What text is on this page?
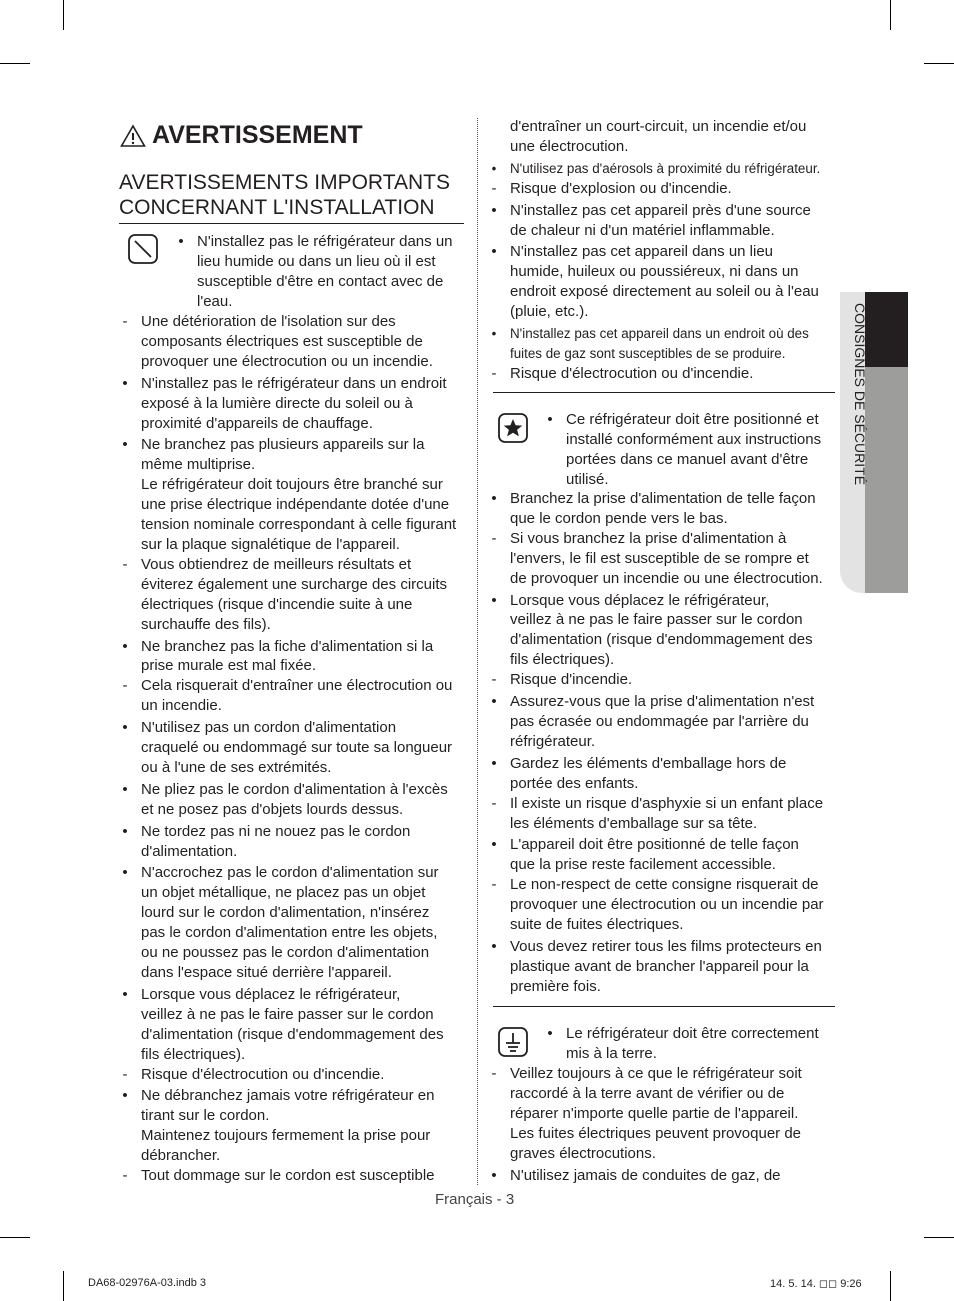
AVERTISSEMENT
AVERTISSEMENTS IMPORTANTS
CONCERNANT L'INSTALLATION
• N'installez pas le réfrigérateur dans un
lieu humide ou dans un lieu où il est
susceptible d'être en contact avec de
l'eau.
- Une détérioration de l'isolation sur des
composants électriques est susceptible de
provoquer une électrocution ou un incendie.
• N'installez pas le réfrigérateur dans un endroit
exposé à la lumière directe du soleil ou à
proximité d'appareils de chauffage.
• Ne branchez pas plusieurs appareils sur la
même multiprise.
Le réfrigérateur doit toujours être branché sur
une prise électrique indépendante dotée d'une
tension nominale correspondant à celle figurant
sur la plaque signalétique de l'appareil.
- Vous obtiendrez de meilleurs résultats et
éviterez également une surcharge des circuits
électriques (risque d'incendie suite à une
surchauffe des fils).
• Ne branchez pas la fiche d'alimentation si la
prise murale est mal fixée.
- Cela risquerait d'entraîner une électrocution ou
un incendie.
• N'utilisez pas un cordon d'alimentation
craquelé ou endommagé sur toute sa longueur
ou à l'une de ses extrémités.
• Ne pliez pas le cordon d'alimentation à l'excès
et ne posez pas d'objets lourds dessus.
• Ne tordez pas ni ne nouez pas le cordon
d'alimentation.
• N'accrochez pas le cordon d'alimentation sur
un objet métallique, ne placez pas un objet
lourd sur le cordon d'alimentation, n'insérez
pas le cordon d'alimentation entre les objets,
ou ne poussez pas le cordon d'alimentation
dans l'espace situé derrière l'appareil.
• Lorsque vous déplacez le réfrigérateur,
veillez à ne pas le faire passer sur le cordon
d'alimentation (risque d'endommagement des
fils électriques).
- Risque d'électrocution ou d'incendie.
• Ne débranchez jamais votre réfrigérateur en
tirant sur le cordon.
Maintenez toujours fermement la prise pour
débrancher.
- Tout dommage sur le cordon est susceptible
d'entraîner un court-circuit, un incendie et/ou
une électrocution.
• N'utilisez pas d'aérosols à proximité du réfrigérateur.
- Risque d'explosion ou d'incendie.
• N'installez pas cet appareil près d'une source
de chaleur ni d'un matériel inflammable.
• N'installez pas cet appareil dans un lieu
humide, huileux ou poussiéreux, ni dans un
endroit exposé directement au soleil ou à l'eau
(pluie, etc.).
• N'installez pas cet appareil dans un endroit où des
fuites de gaz sont susceptibles de se produire.
- Risque d'électrocution ou d'incendie.
• Ce réfrigérateur doit être positionné et
installé conformément aux instructions
portées dans ce manuel avant d'être
utilisé.
• Branchez la prise d'alimentation de telle façon
que le cordon pende vers le bas.
- Si vous branchez la prise d'alimentation à
l'envers, le fil est susceptible de se rompre et
de provoquer un incendie ou une électrocution.
• Lorsque vous déplacez le réfrigérateur,
veillez à ne pas le faire passer sur le cordon
d'alimentation (risque d'endommagement des
fils électriques).
- Risque d'incendie.
• Assurez-vous que la prise d'alimentation n'est
pas écrasée ou endommagée par l'arrière du
réfrigérateur.
• Gardez les éléments d'emballage hors de
portée des enfants.
- Il existe un risque d'asphyxie si un enfant place
les éléments d'emballage sur sa tête.
• L'appareil doit être positionné de telle façon
que la prise reste facilement accessible.
- Le non-respect de cette consigne risquerait de
provoquer une électrocution ou un incendie par
suite de fuites électriques.
• Vous devez retirer tous les films protecteurs en
plastique avant de brancher l'appareil pour la
première fois.
• Le réfrigérateur doit être correctement
mis à la terre.
- Veillez toujours à ce que le réfrigérateur soit
raccordé à la terre avant de vérifier ou de
réparer n'importe quelle partie de l'appareil.
Les fuites électriques peuvent provoquer de
graves électrocutions.
• N'utilisez jamais de conduites de gaz, de
CONSIGNES DE SÉCURITÉ
Français - 3
DA68-02976A-03.indb 3	14. 5. 14. ◻◻ 9:26
